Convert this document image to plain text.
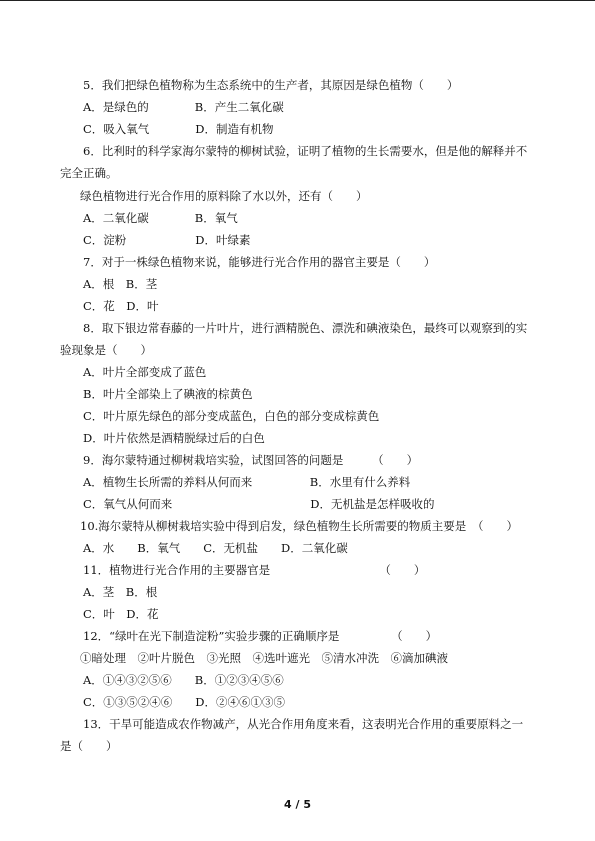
5．我们把绿色植物称为生态系统中的生产者，其原因是绿色植物（　　）
A．是绿色的　　　　B．产生二氧化碳
C．吸入氧气　　　　D．制造有机物
6．比利时的科学家海尔蒙特的柳树试验，证明了植物的生长需要水，但是他的解释并不
完全正确。
绿色植物进行光合作用的原料除了水以外，还有（　　）
A．二氧化碳　　　　B．氧气
C．淀粉　　　　　　D．叶绿素
7．对于一株绿色植物来说，能够进行光合作用的器官主要是（　　）
A．根　B．茎
C．花　D．叶
8．取下银边常春藤的一片叶片，进行酒精脱色、漂洗和碘液染色，最终可以观察到的实
验现象是（　　）
A．叶片全部变成了蓝色
B．叶片全部染上了碘液的棕黄色
C．叶片原先绿色的部分变成蓝色，白色的部分变成棕黄色
D．叶片依然是酒精脱绿过后的白色
9．海尔蒙特通过柳树栽培实验，试图回答的问题是　　　（　　）
A．植物生长所需的养料从何而来　　　　　B．水里有什么养料
C．氧气从何而来　　　　　　　　　　　　D．无机盐是怎样吸收的
10.海尔蒙特从柳树栽培实验中得到启发，绿色植物生长所需要的物质主要是　（　　）
A．水　　B．氧气　　C．无机盐　　D．二氧化碳
11．植物进行光合作用的主要器官是　　　　　　　　　　（　　）
A．茎　B．根
C．叶　D．花
12．“绿叶在光下制造淀粉”实验步骤的正确顺序是　　　　　（　　）
①暗处理　②叶片脱色　③光照　④选叶遮光　⑤清水冲洗　⑥滴加碘液
A．①④③②⑤⑥　　B．①②③④⑤⑥
C．①③⑤②④⑥　　D．②④⑥①③⑤
13．干旱可能造成农作物减产，从光合作用角度来看，这表明光合作用的重要原料之一
是（　　）
4 / 5
